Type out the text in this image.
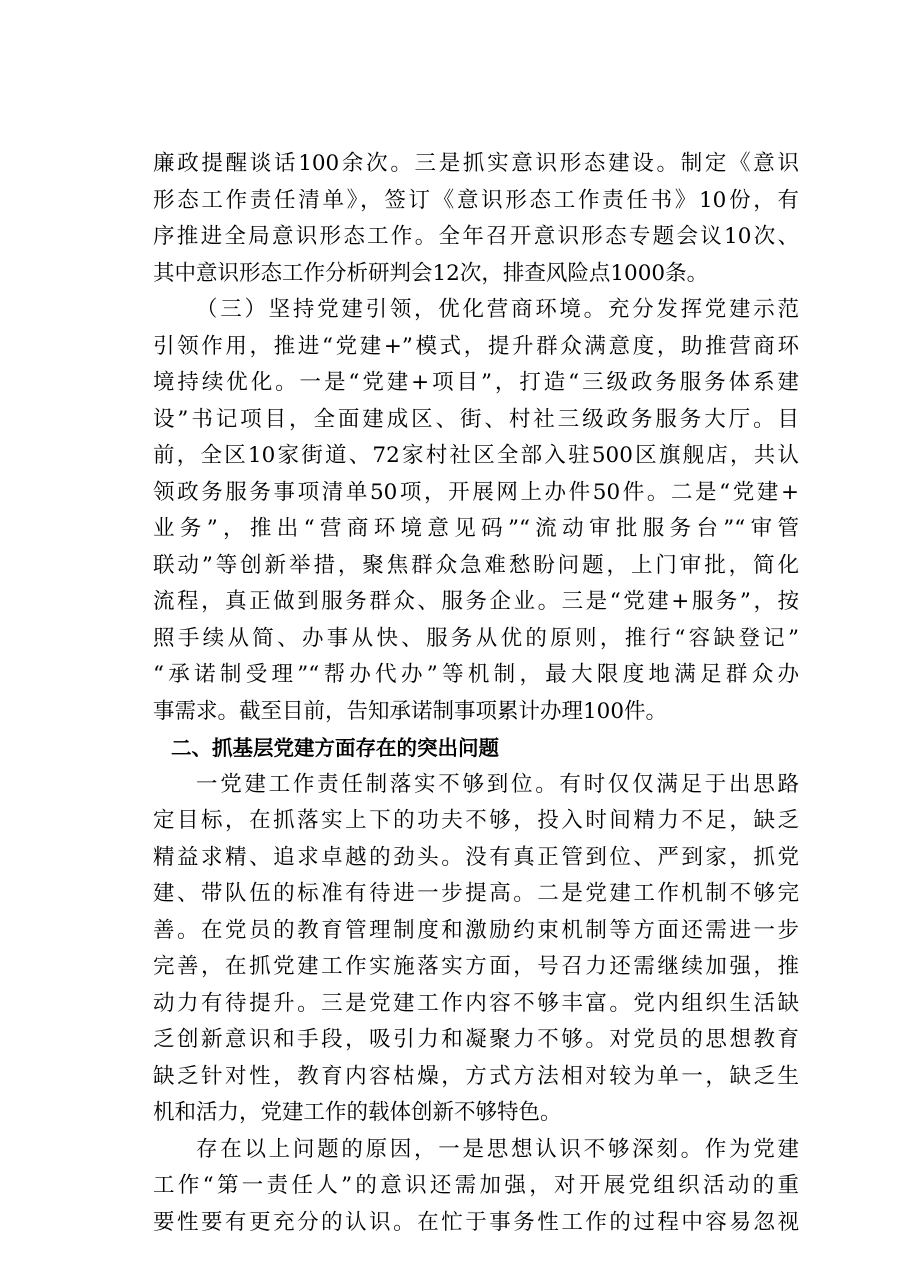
廉政提醒谈话100余次。三是抓实意识形态建设。制定《意识
形态工作责任清单》，签订《意识形态工作责任书》10份，有
序推进全局意识形态工作。全年召开意识形态专题会议10次、
其中意识形态工作分析研判会12次，排查风险点1000条。
（三）坚持党建引领，优化营商环境。充分发挥党建示范
引领作用，推进“党建+”模式，提升群众满意度，助推营商环
境持续优化。一是“党建+项目”，打造“三级政务服务体系建
设”书记项目，全面建成区、街、村社三级政务服务大厅。目
前，全区10家街道、72家村社区全部入驻500区旗舰店，共认
领政务服务事项清单50项，开展网上办件50件。二是“党建+
业务”，推出“营商环境意见码”“流动审批服务台”“审管
联动”等创新举措，聚焦群众急难愁盼问题，上门审批，简化
流程，真正做到服务群众、服务企业。三是“党建+服务”，按
照手续从简、办事从快、服务从优的原则，推行“容缺登记”
“承诺制受理”“帮办代办”等机制，最大限度地满足群众办
事需求。截至目前，告知承诺制事项累计办理100件。
二、抓基层党建方面存在的突出问题
一党建工作责任制落实不够到位。有时仅仅满足于出思路
定目标，在抓落实上下的功夫不够，投入时间精力不足，缺乏
精益求精、追求卓越的劲头。没有真正管到位、严到家，抓党
建、带队伍的标准有待进一步提高。二是党建工作机制不够完
善。在党员的教育管理制度和激励约束机制等方面还需进一步
完善，在抓党建工作实施落实方面，号召力还需继续加强，推
动力有待提升。三是党建工作内容不够丰富。党内组织生活缺
乏创新意识和手段，吸引力和凝聚力不够。对党员的思想教育
缺乏针对性，教育内容枯燥，方式方法相对较为单一，缺乏生
机和活力，党建工作的载体创新不够特色。
存在以上问题的原因，一是思想认识不够深刻。作为党建
工作“第一责任人”的意识还需加强，对开展党组织活动的重
要性要有更充分的认识。在忙于事务性工作的过程中容易忽视
